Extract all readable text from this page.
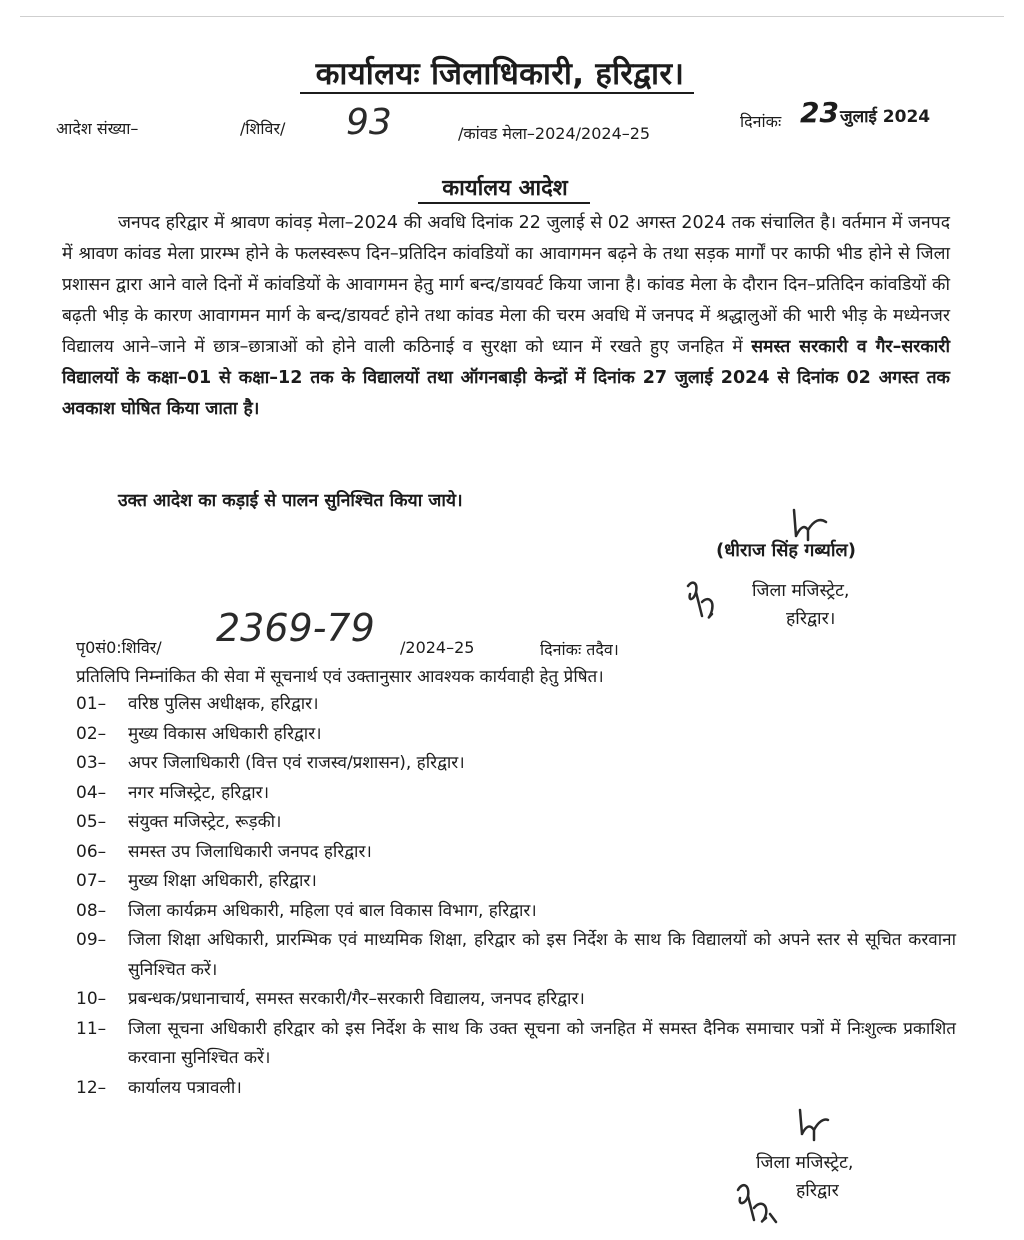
कार्यालयः जिलाधिकारी, हरिद्वार।
आदेश संख्या–	/शिविर/ 93	/कांवड मेला–2024/2024–25
दिनांकः 23 जुलाई 2024
कार्यालय आदेश
जनपद हरिद्वार में श्रावण कांवड़ मेला–2024 की अवधि दिनांक 22 जुलाई से 02 अगस्त 2024 तक संचालित है। वर्तमान में जनपद में श्रावण कांवड मेला प्रारम्भ होने के फलस्वरूप दिन–प्रतिदिन कांवडियों का आवागमन बढ़ने के तथा सड़क मार्गों पर काफी भीड होने से जिला प्रशासन द्वारा आने वाले दिनों में कांवडियों के आवागमन हेतु मार्ग बन्द/डायवर्ट किया जाना है। कांवड मेला के दौरान दिन–प्रतिदिन कांवडियों की बढ़ती भीड़ के कारण आवागमन मार्ग के बन्द/डायवर्ट होने तथा कांवड मेला की चरम अवधि में जनपद में श्रद्धालुओं की भारी भीड़ के मध्येनजर विद्यालय आने–जाने में छात्र–छात्राओं को होने वाली कठिनाई व सुरक्षा को ध्यान में रखते हुए जनहित में समस्त सरकारी व गैर–सरकारी विद्यालयों के कक्षा–01 से कक्षा–12 तक के विद्यालयों तथा ऑगनबाड़ी केन्द्रों में दिनांक 27 जुलाई 2024 से दिनांक 02 अगस्त तक अवकाश घोषित किया जाता है।
उक्त आदेश का कड़ाई से पालन सुनिश्चित किया जाये।
(धीराज सिंह गर्ब्याल)
जिला मजिस्ट्रेट,
हरिद्वार।
पृ0सं0:शिविर/ 2369-79 /2024–25	दिनांकः तदैव।
प्रतिलिपि निम्नांकित की सेवा में सूचनार्थ एवं उक्तानुसार आवश्यक कार्यवाही हेतु प्रेषित।
01–	वरिष्ठ पुलिस अधीक्षक, हरिद्वार।
02–	मुख्य विकास अधिकारी हरिद्वार।
03–	अपर जिलाधिकारी (वित्त एवं राजस्व/प्रशासन), हरिद्वार।
04–	नगर मजिस्ट्रेट, हरिद्वार।
05–	संयुक्त मजिस्ट्रेट, रूड़की।
06–	समस्त उप जिलाधिकारी जनपद हरिद्वार।
07–	मुख्य शिक्षा अधिकारी, हरिद्वार।
08–	जिला कार्यक्रम अधिकारी, महिला एवं बाल विकास विभाग, हरिद्वार।
09–	जिला शिक्षा अधिकारी, प्रारम्भिक एवं माध्यमिक शिक्षा, हरिद्वार को इस निर्देश के साथ कि विद्यालयों को अपने स्तर से सूचित करवाना सुनिश्चित करें।
10–	प्रबन्धक/प्रधानाचार्य, समस्त सरकारी/गैर–सरकारी विद्यालय, जनपद हरिद्वार।
11–	जिला सूचना अधिकारी हरिद्वार को इस निर्देश के साथ कि उक्त सूचना को जनहित में समस्त दैनिक समाचार पत्रों में निःशुल्क प्रकाशित करवाना सुनिश्चित करें।
12–	कार्यालय पत्रावली।
जिला मजिस्ट्रेट,
हरिद्वार
